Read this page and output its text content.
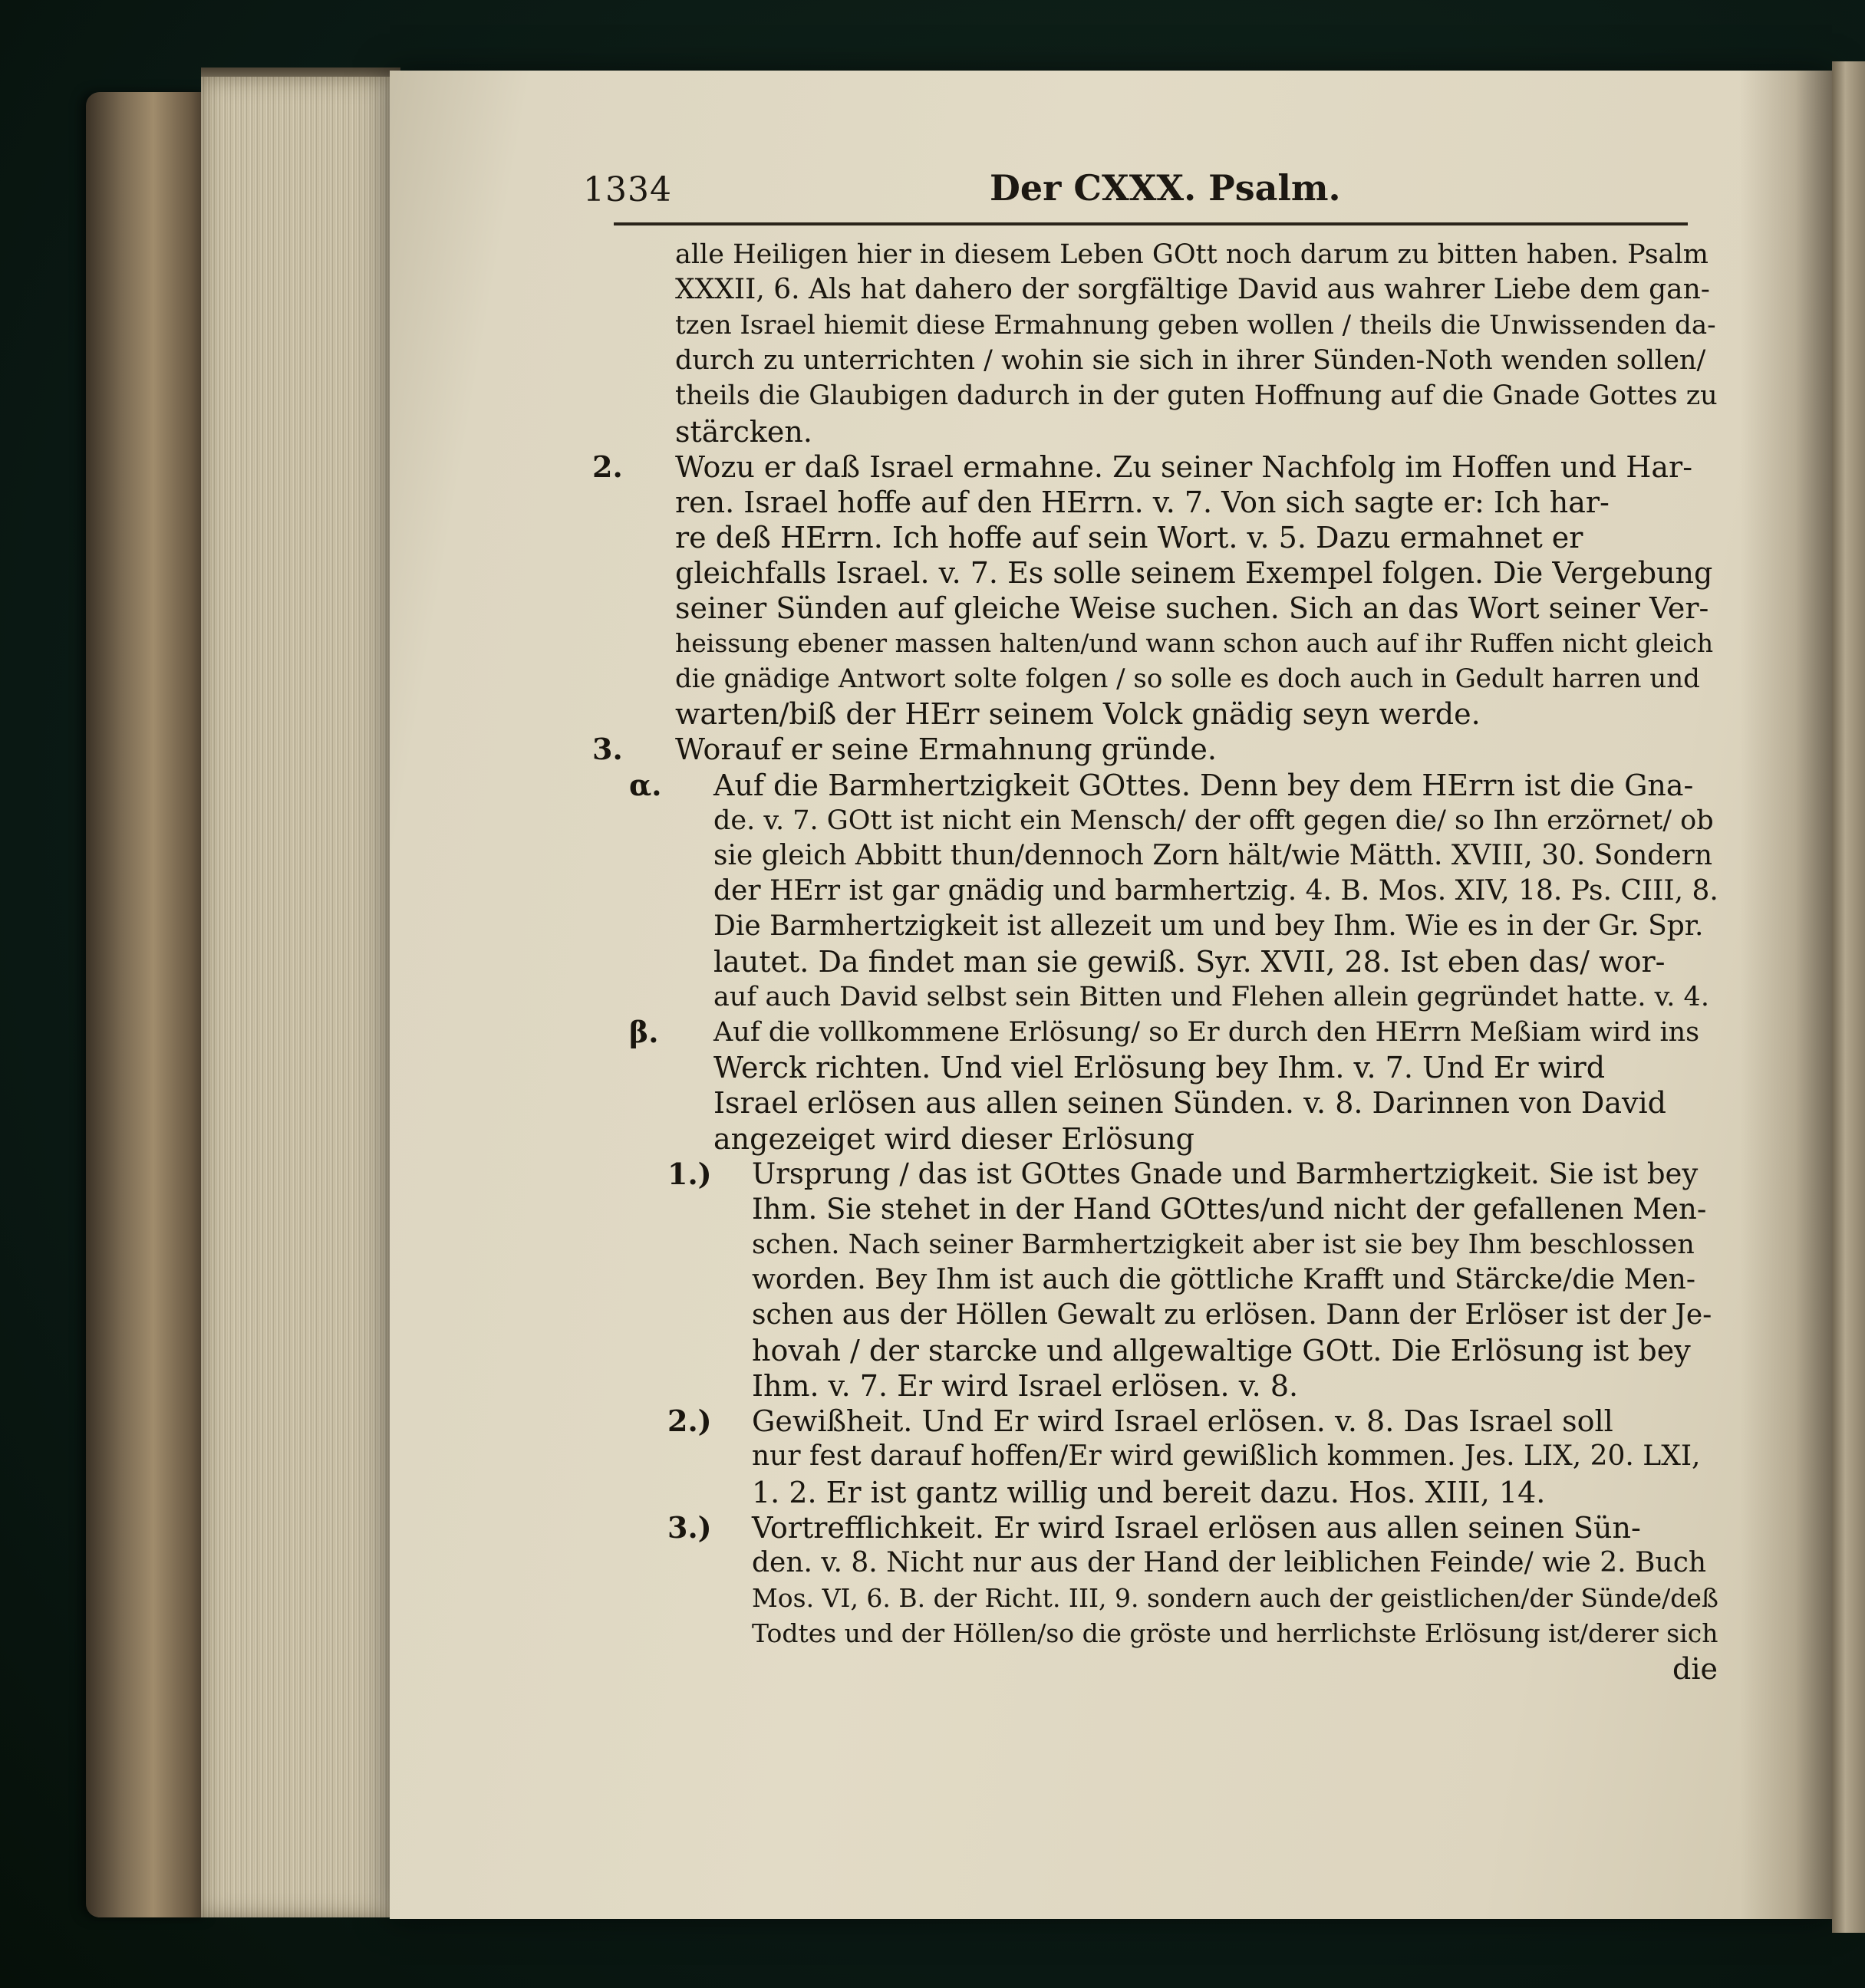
1334	Der CXXX. Psalm.
alle Heiligen hier in diesem Leben GOtt noch darum zu bitten haben. Psalm
XXXII, 6. Als hat dahero der sorgfältige David aus wahrer Liebe dem gan-
tzen Israel hiemit diese Ermahnung geben wollen / theils die Unwissenden da-
durch zu unterrichten / wohin sie sich in ihrer Sünden-Noth wenden sollen/
theils die Glaubigen dadurch in der guten Hoffnung auf die Gnade Gottes zu
stärcken.
2. Wozu er daß Israel ermahne. Zu seiner Nachfolg im Hoffen und Har-
ren. Israel hoffe auf den HErrn. v. 7. Von sich sagte er: Ich har-
re deß HErrn. Ich hoffe auf sein Wort. v. 5. Dazu ermahnet er
gleichfalls Israel. v. 7. Es solle seinem Exempel folgen. Die Vergebung
seiner Sünden auf gleiche Weise suchen. Sich an das Wort seiner Ver-
heissung ebener massen halten/und wann schon auch auf ihr Ruffen nicht gleich
die gnädige Antwort solte folgen / so solle es doch auch in Gedult harren und
warten/biß der HErr seinem Volck gnädig seyn werde.
3. Worauf er seine Ermahnung gründe.
α. Auf die Barmhertzigkeit GOttes. Denn bey dem HErrn ist die Gna-
de. v. 7. GOtt ist nicht ein Mensch/ der offt gegen die/ so Ihn erzörnet/ ob
sie gleich Abbitt thun/dennoch Zorn hält/wie Mätth. XVIII, 30. Sondern
der HErr ist gar gnädig und barmhertzig. 4. B. Mos. XIV, 18. Ps. CIII, 8.
Die Barmhertzigkeit ist allezeit um und bey Ihm. Wie es in der Gr. Spr.
lautet. Da findet man sie gewiß. Syr. XVII, 28. Ist eben das/ wor-
auf auch David selbst sein Bitten und Flehen allein gegründet hatte. v. 4.
β. Auf die vollkommene Erlösung/ so Er durch den HErrn Meßiam wird ins
Werck richten. Und viel Erlösung bey Ihm. v. 7. Und Er wird
Israel erlösen aus allen seinen Sünden. v. 8. Darinnen von David
angezeiget wird dieser Erlösung
1.) Ursprung / das ist GOttes Gnade und Barmhertzigkeit. Sie ist bey
Ihm. Sie stehet in der Hand GOttes/und nicht der gefallenen Men-
schen. Nach seiner Barmhertzigkeit aber ist sie bey Ihm beschlossen
worden. Bey Ihm ist auch die göttliche Krafft und Stärcke/die Men-
schen aus der Höllen Gewalt zu erlösen. Dann der Erlöser ist der Je-
hovah / der starcke und allgewaltige GOtt. Die Erlösung ist bey
Ihm. v. 7. Er wird Israel erlösen. v. 8.
2.) Gewißheit. Und Er wird Israel erlösen. v. 8. Das Israel soll
nur fest darauf hoffen/Er wird gewißlich kommen. Jes. LIX, 20. LXI,
1. 2. Er ist gantz willig und bereit dazu. Hos. XIII, 14.
3.) Vortrefflichkeit. Er wird Israel erlösen aus allen seinen Sün-
den. v. 8. Nicht nur aus der Hand der leiblichen Feinde/ wie 2. Buch
Mos. VI, 6. B. der Richt. III, 9. sondern auch der geistlichen/der Sünde/deß
Todtes und der Höllen/so die gröste und herrlichste Erlösung ist/derer sich
die
